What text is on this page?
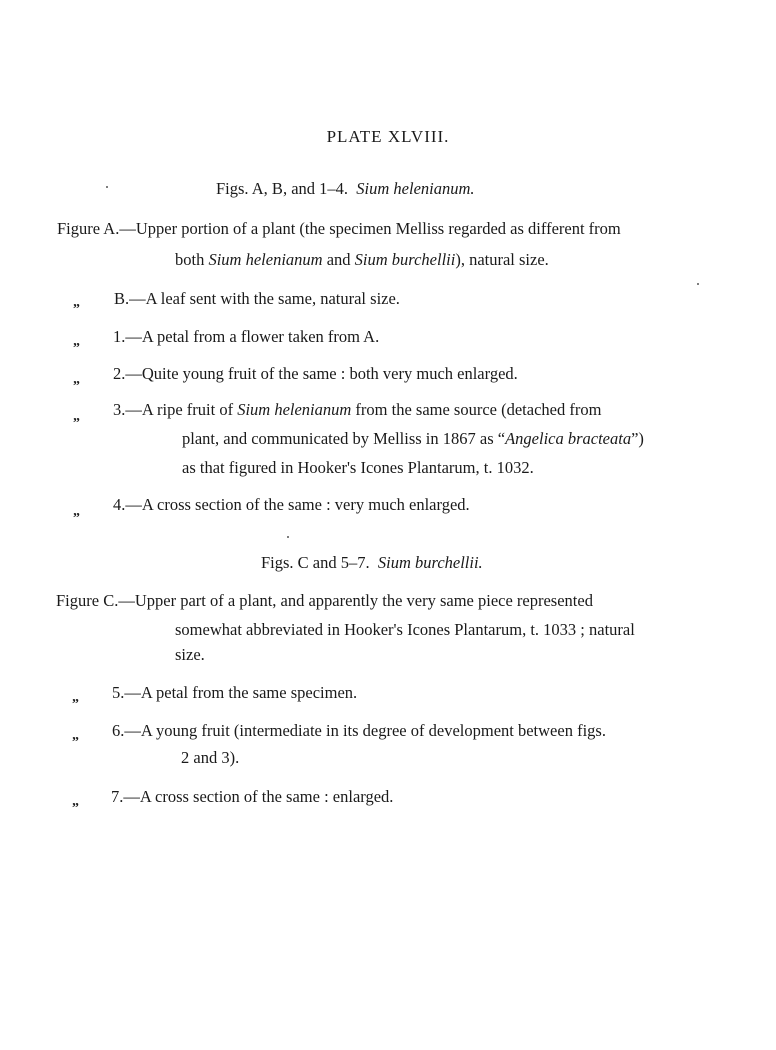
PLATE XLVIII.
Figs. A, B, and 1–4. Sium helenianum.
Figure A.—Upper portion of a plant (the specimen Melliss regarded as different from
both Sium helenianum and Sium burchellii), natural size.
„ B.—A leaf sent with the same, natural size.
„ 1.—A petal from a flower taken from A.
„ 2.—Quite young fruit of the same : both very much enlarged.
„ 3.—A ripe fruit of Sium helenianum from the same source (detached from
plant, and communicated by Melliss in 1867 as “Angelica bracteata”)
as that figured in Hooker's Icones Plantarum, t. 1032.
„ 4.—A cross section of the same : very much enlarged.
Figs. C and 5–7. Sium burchellii.
Figure C.—Upper part of a plant, and apparently the very same piece represented
somewhat abbreviated in Hooker's Icones Plantarum, t. 1033 ; natural
size.
„ 5.—A petal from the same specimen.
„ 6.—A young fruit (intermediate in its degree of development between figs.
2 and 3).
„ 7.—A cross section of the same : enlarged.
